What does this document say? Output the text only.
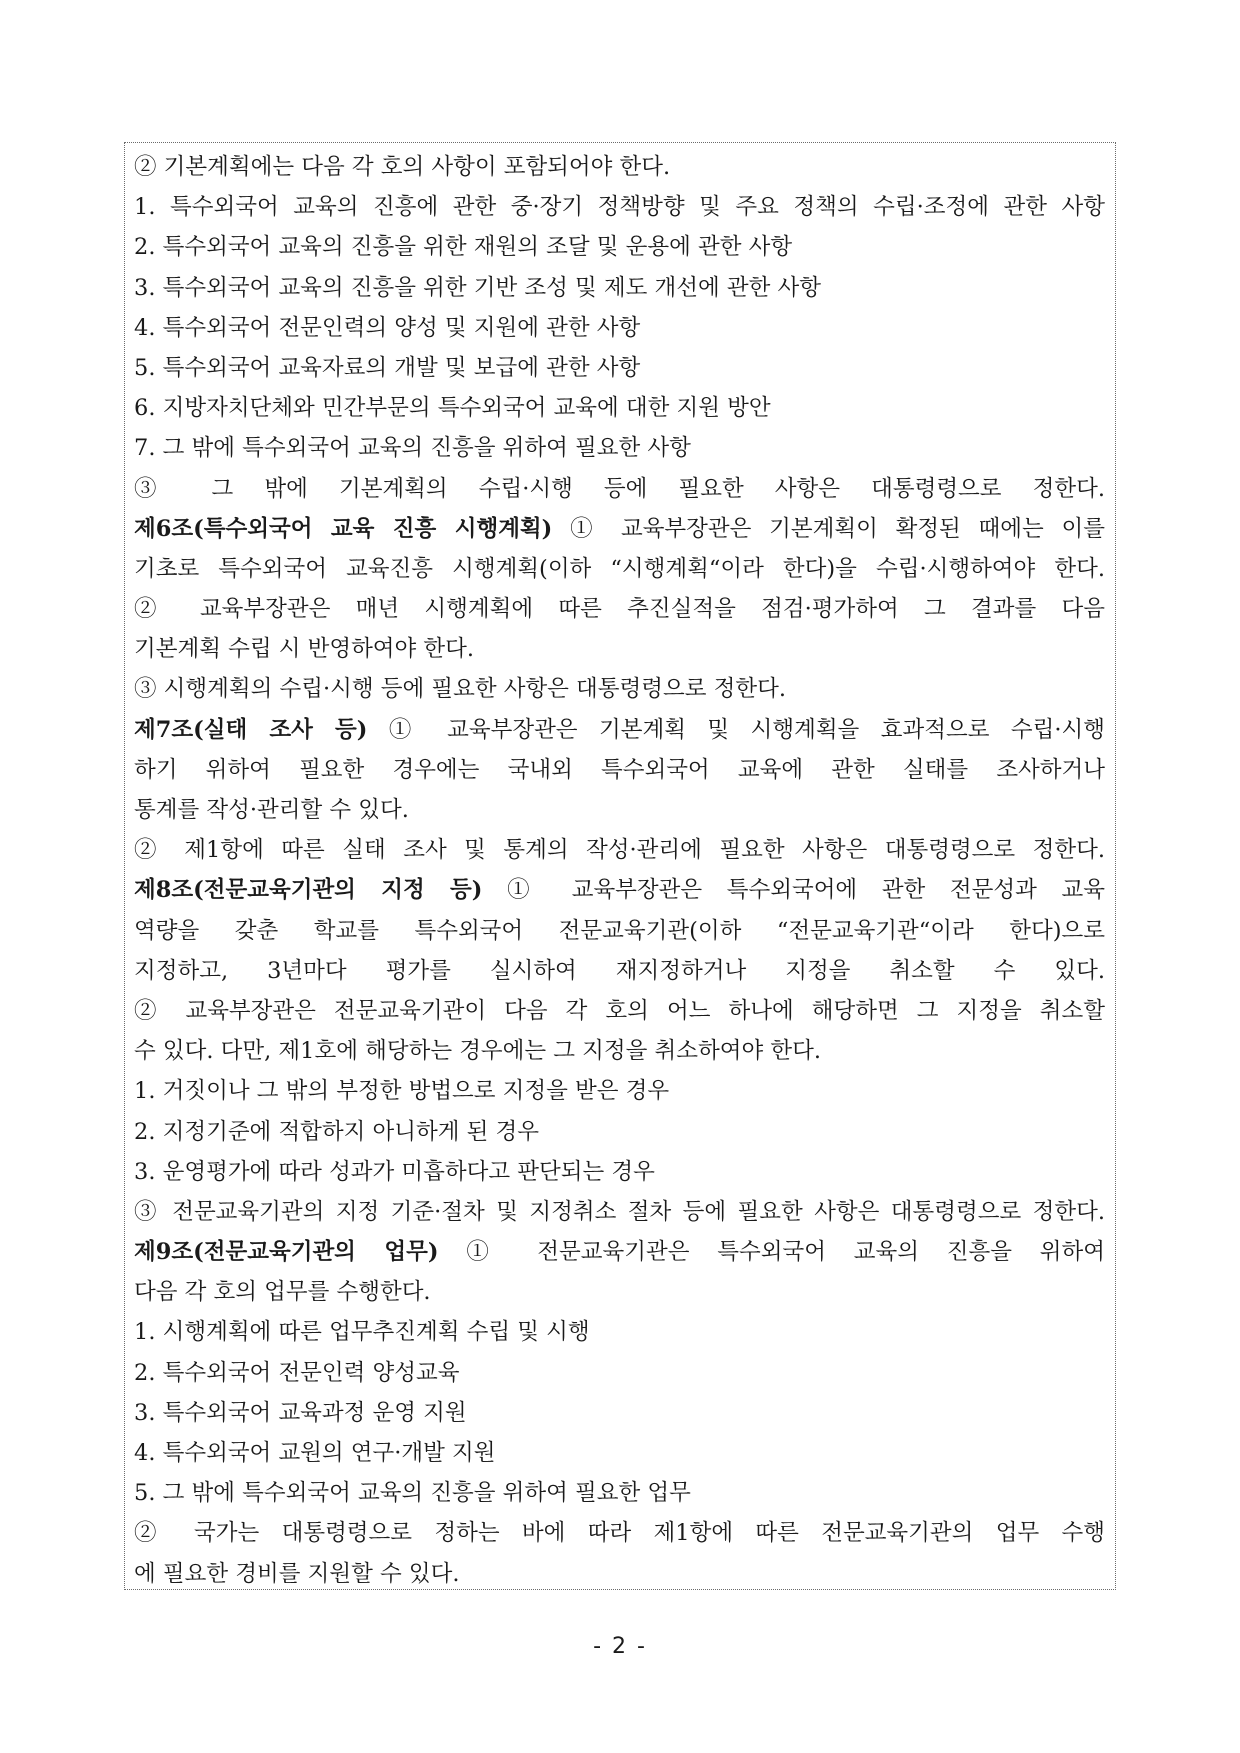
② 기본계획에는 다음 각 호의 사항이 포함되어야 한다.
1. 특수외국어 교육의 진흥에 관한 중·장기 정책방향 및 주요 정책의 수립·조정에 관한 사항
2. 특수외국어 교육의 진흥을 위한 재원의 조달 및 운용에 관한 사항
3. 특수외국어 교육의 진흥을 위한 기반 조성 및 제도 개선에 관한 사항
4. 특수외국어 전문인력의 양성 및 지원에 관한 사항
5. 특수외국어 교육자료의 개발 및 보급에 관한 사항
6. 지방자치단체와 민간부문의 특수외국어 교육에 대한 지원 방안
7. 그 밖에 특수외국어 교육의 진흥을 위하여 필요한 사항
③ 그 밖에 기본계획의 수립·시행 등에 필요한 사항은 대통령령으로 정한다.
제6조(특수외국어 교육 진흥 시행계획) ① 교육부장관은 기본계획이 확정된 때에는 이를
기초로 특수외국어 교육진흥 시행계획(이하 “시행계획“이라 한다)을 수립·시행하여야 한다.
② 교육부장관은 매년 시행계획에 따른 추진실적을 점검·평가하여 그 결과를 다음
기본계획 수립 시 반영하여야 한다.
③ 시행계획의 수립·시행 등에 필요한 사항은 대통령령으로 정한다.
제7조(실태 조사 등) ① 교육부장관은 기본계획 및 시행계획을 효과적으로 수립·시행
하기 위하여 필요한 경우에는 국내외 특수외국어 교육에 관한 실태를 조사하거나
통계를 작성·관리할 수 있다.
② 제1항에 따른 실태 조사 및 통계의 작성·관리에 필요한 사항은 대통령령으로 정한다.
제8조(전문교육기관의 지정 등) ① 교육부장관은 특수외국어에 관한 전문성과 교육
역량을 갖춘 학교를 특수외국어 전문교육기관(이하 “전문교육기관“이라 한다)으로
지정하고, 3년마다 평가를 실시하여 재지정하거나 지정을 취소할 수 있다.
② 교육부장관은 전문교육기관이 다음 각 호의 어느 하나에 해당하면 그 지정을 취소할
수 있다. 다만, 제1호에 해당하는 경우에는 그 지정을 취소하여야 한다.
1. 거짓이나 그 밖의 부정한 방법으로 지정을 받은 경우
2. 지정기준에 적합하지 아니하게 된 경우
3. 운영평가에 따라 성과가 미흡하다고 판단되는 경우
③ 전문교육기관의 지정 기준·절차 및 지정취소 절차 등에 필요한 사항은 대통령령으로 정한다.
제9조(전문교육기관의 업무) ① 전문교육기관은 특수외국어 교육의 진흥을 위하여
다음 각 호의 업무를 수행한다.
1. 시행계획에 따른 업무추진계획 수립 및 시행
2. 특수외국어 전문인력 양성교육
3. 특수외국어 교육과정 운영 지원
4. 특수외국어 교원의 연구·개발 지원
5. 그 밖에 특수외국어 교육의 진흥을 위하여 필요한 업무
② 국가는 대통령령으로 정하는 바에 따라 제1항에 따른 전문교육기관의 업무 수행
에 필요한 경비를 지원할 수 있다.
- 2 -
